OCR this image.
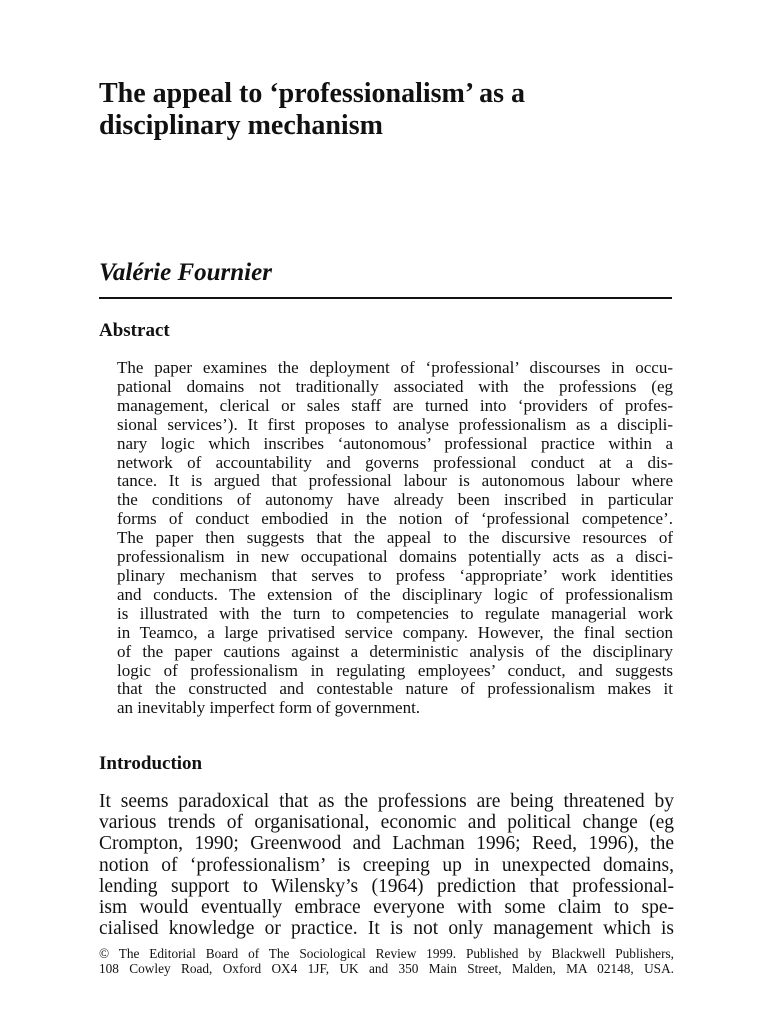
The appeal to ‘professionalism’ as a
disciplinary mechanism
Valérie Fournier
Abstract
The paper examines the deployment of ‘professional’ discourses in occu-
pational domains not traditionally associated with the professions (eg
management, clerical or sales staff are turned into ‘providers of profes-
sional services’). It first proposes to analyse professionalism as a discipli-
nary logic which inscribes ‘autonomous’ professional practice within a
network of accountability and governs professional conduct at a dis-
tance. It is argued that professional labour is autonomous labour where
the conditions of autonomy have already been inscribed in particular
forms of conduct embodied in the notion of ‘professional competence’.
The paper then suggests that the appeal to the discursive resources of
professionalism in new occupational domains potentially acts as a disci-
plinary mechanism that serves to profess ‘appropriate’ work identities
and conducts. The extension of the disciplinary logic of professionalism
is illustrated with the turn to competencies to regulate managerial work
in Teamco, a large privatised service company. However, the final section
of the paper cautions against a deterministic analysis of the disciplinary
logic of professionalism in regulating employees’ conduct, and suggests
that the constructed and contestable nature of professionalism makes it
an inevitably imperfect form of government.
Introduction
It seems paradoxical that as the professions are being threatened by
various trends of organisational, economic and political change (eg
Crompton, 1990; Greenwood and Lachman 1996; Reed, 1996), the
notion of ‘professionalism’ is creeping up in unexpected domains,
lending support to Wilensky’s (1964) prediction that professional-
ism would eventually embrace everyone with some claim to spe-
cialised knowledge or practice. It is not only management which is
© The Editorial Board of The Sociological Review 1999. Published by Blackwell Publishers,
108 Cowley Road, Oxford OX4 1JF, UK and 350 Main Street, Malden, MA 02148, USA.
